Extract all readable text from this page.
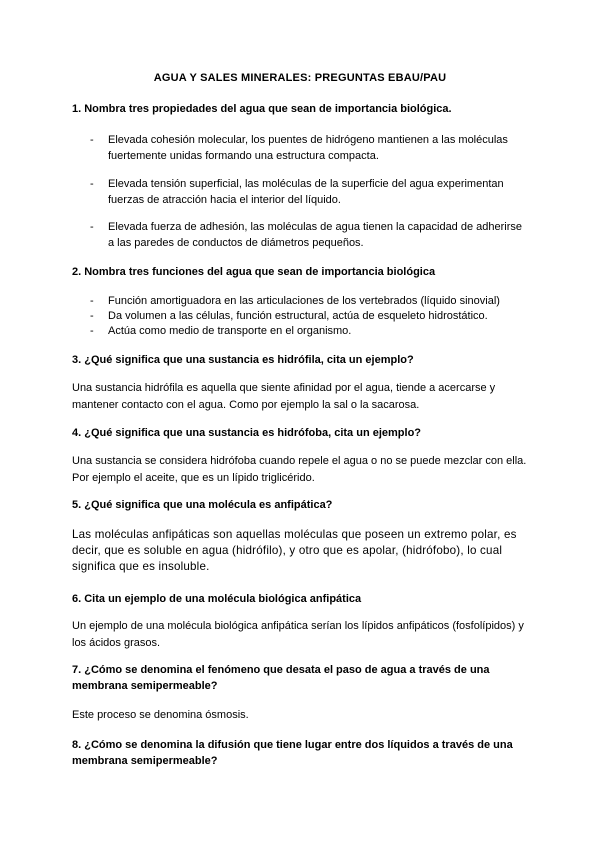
AGUA Y SALES MINERALES: PREGUNTAS EBAU/PAU
1. Nombra tres propiedades del agua que sean de importancia biológica.
- Elevada cohesión molecular, los puentes de hidrógeno mantienen a las moléculas fuertemente unidas formando una estructura compacta.
- Elevada tensión superficial, las moléculas de la superficie del agua experimentan fuerzas de atracción hacia el interior del líquido.
- Elevada fuerza de adhesión, las moléculas de agua tienen la capacidad de adherirse a las paredes de conductos de diámetros pequeños.
2. Nombra tres funciones del agua que sean de importancia biológica
- Función amortiguadora en las articulaciones de los vertebrados (líquido sinovial)
- Da volumen a las células, función estructural, actúa de esqueleto hidrostático.
- Actúa como medio de transporte en el organismo.
3. ¿Qué significa que una sustancia es hidrófila, cita un ejemplo?
Una sustancia hidrófila es aquella que siente afinidad por el agua, tiende a acercarse y mantener contacto con el agua. Como por ejemplo la sal o la sacarosa.
4. ¿Qué significa que una sustancia es hidrófoba, cita un ejemplo?
Una sustancia se considera hidrófoba cuando repele el agua o no se puede mezclar con ella. Por ejemplo el aceite, que es un lípido triglicérido.
5. ¿Qué significa que una molécula es anfipática?
Las moléculas anfipáticas son aquellas moléculas que poseen un extremo polar, es decir, que es soluble en agua (hidrófilo), y otro que es apolar, (hidrófobo), lo cual significa que es insoluble.
6. Cita un ejemplo de una molécula biológica anfipática
Un ejemplo de una molécula biológica anfipática serían los lípidos anfipáticos (fosfolípidos) y los ácidos grasos.
7. ¿Cómo se denomina el fenómeno que desata el paso de agua a través de una membrana semipermeable?
Este proceso se denomina ósmosis.
8. ¿Cómo se denomina la difusión que tiene lugar entre dos líquidos a través de una membrana semipermeable?
